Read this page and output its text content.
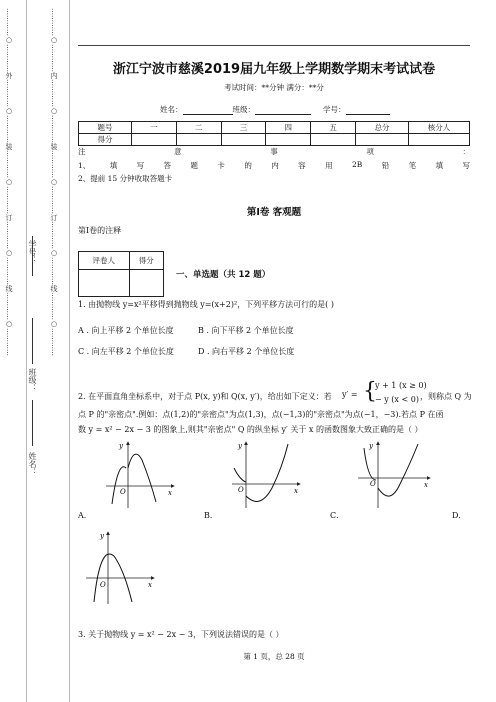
…………○…………外…………○…………装…………○…………订…………○…………线…………○…………	…………○…………内…………○…………装…………○…………订…………○…………线…………○…………
班级：
姓名：
浙江宁波市慈溪2019届九年级上学期数学期末考试试卷
考试时间：**分钟 满分：**分
姓名：	班级：	学号：
题号	一	二	三	四	五	总分	核分人
得分							
注	意	事	项	：
1、	填	写	答	题	卡	的	内	容	用	2B	铅	笔	填	写
2、提前 15 分钟收取答题卡
第Ⅰ卷 客观题
第Ⅰ卷的注释
评卷人	得分

一、单选题（共 12 题）
1. 由抛物线 y=x²平移得到抛物线 y=(x+2)²，下列平移方法可行的是( )
A . 向上平移 2 个单位长度	B . 向下平移 2 个单位长度
C . 向左平移 2 个单位长度	D . 向右平移 2 个单位长度
2. 在平面直角坐标系中，对于点 P(x, y)和 Q(x, y′)，给出如下定义：若 y′ = {
y + 1 (x ≥ 0)
− y (x < 0) ，则称点 Q 为
点 P 的"亲密点".例如：点(1,2)的"亲密点"为点(1,3)，点(−1,3)的"亲密点"为点(−1，−3).若点 P 在函
数 y = x² − 2x − 3 的图象上,则其"亲密点" Q 的纵坐标 y′ 关于 x 的函数图象大致正确的是（ ）
x
y
O	x
y
O
x
y
O
A．	B．	C．	D．
x
y
O
3. 关于抛物线 y = x² − 2x − 3，下列说法错误的是（ ）
第 1 页，总 28 页
